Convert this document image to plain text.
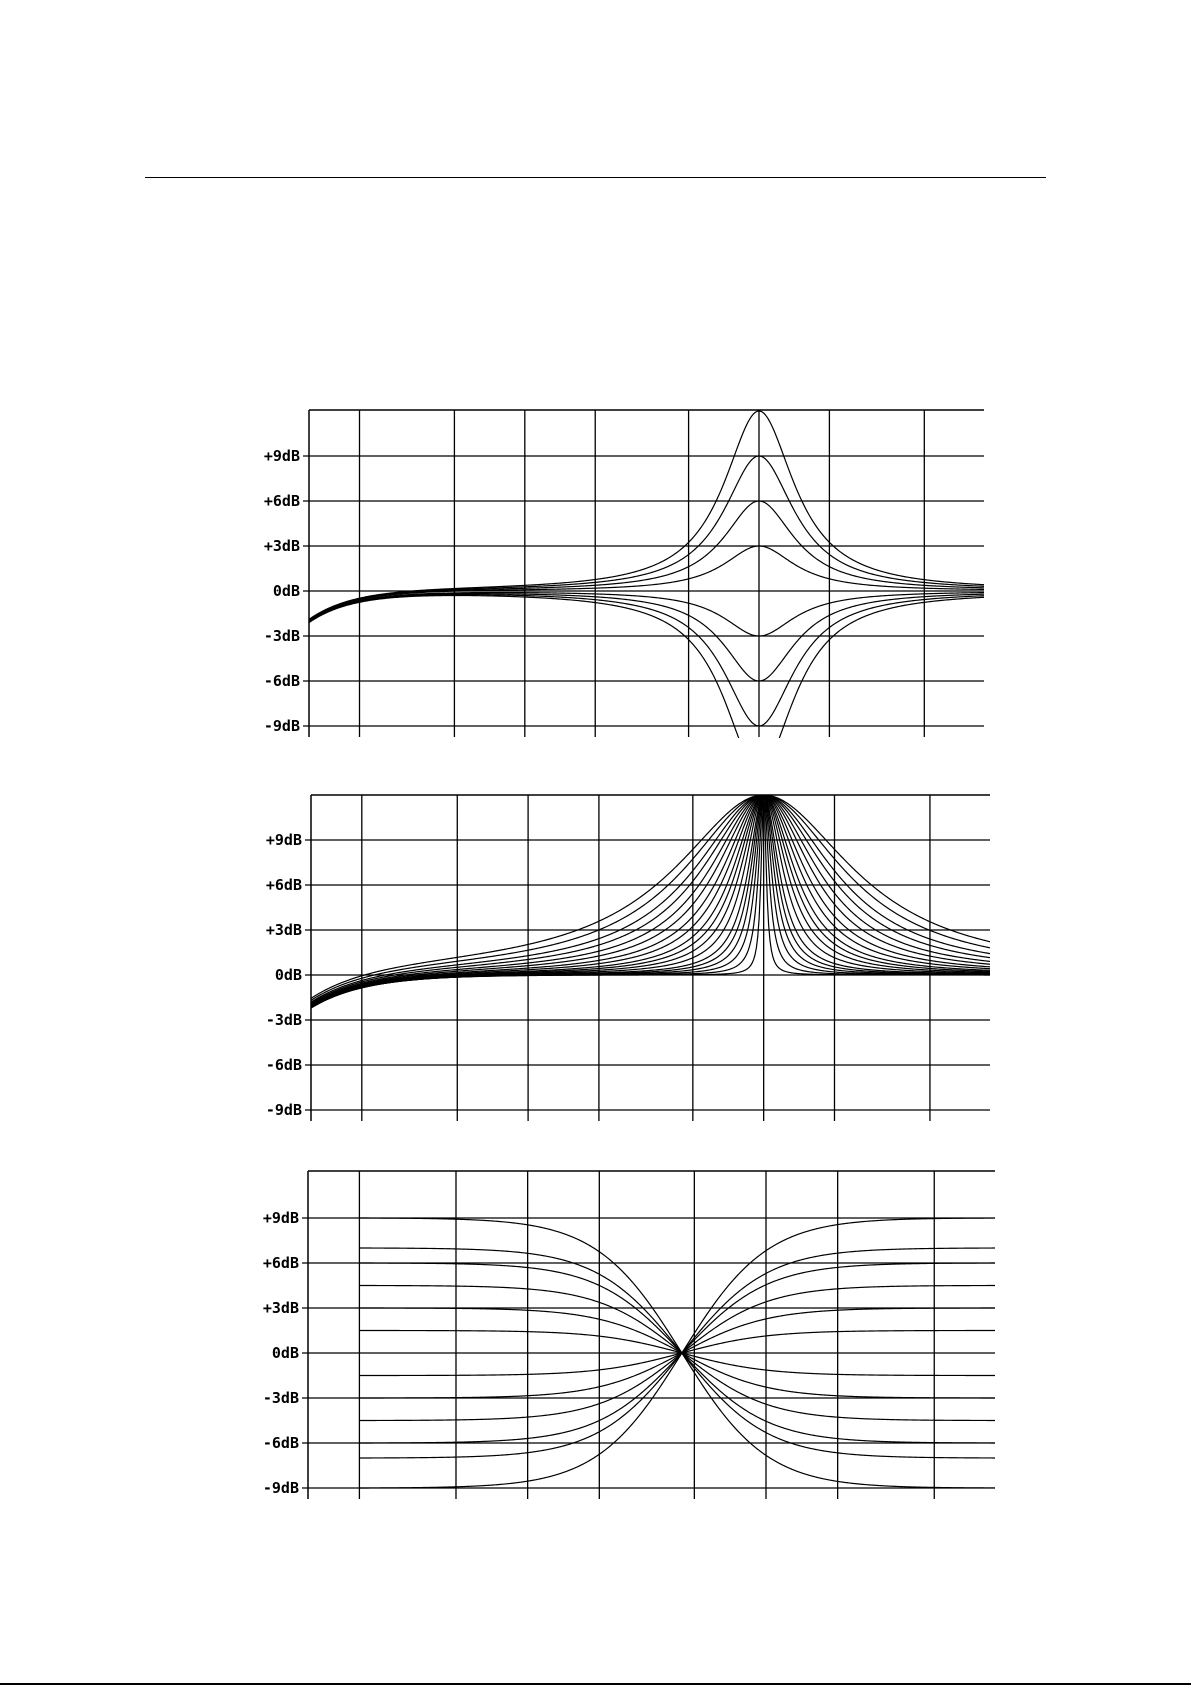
+9dB
+6dB
+3dB
0dB
-3dB
-6dB
-9dB
+9dB
+6dB
+3dB
0dB
-3dB
-6dB
-9dB
+9dB
+6dB
+3dB
0dB
-3dB
-6dB
-9dB
